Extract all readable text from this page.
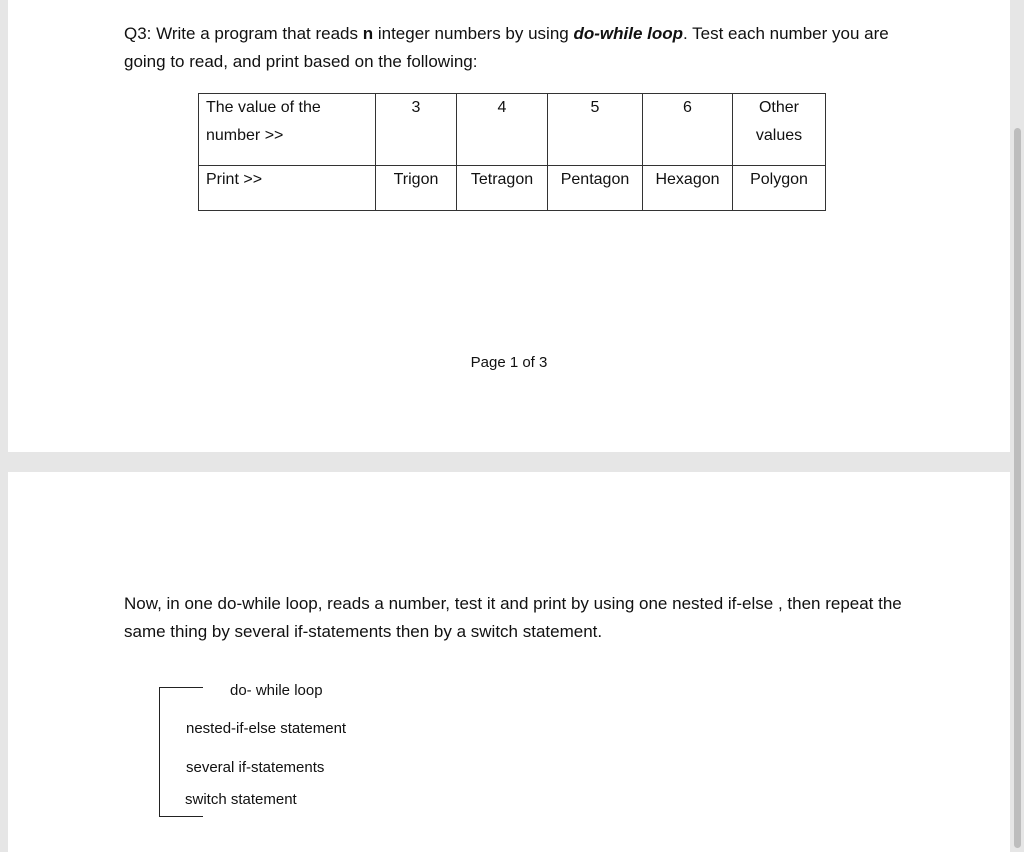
Q3: Write a program that reads n integer numbers by using do-while loop. Test each number you are going to read, and print based on the following:
The value of the number >>	3	4	5	6	Other values
Print >>	Trigon	Tetragon	Pentagon	Hexagon	Polygon
Page 1 of 3
Now, in one do-while loop, reads a number, test it and print by using one nested if-else , then repeat the same thing by several if-statements then by a switch statement.
do- while loop
nested-if-else statement
several if-statements
switch statement
